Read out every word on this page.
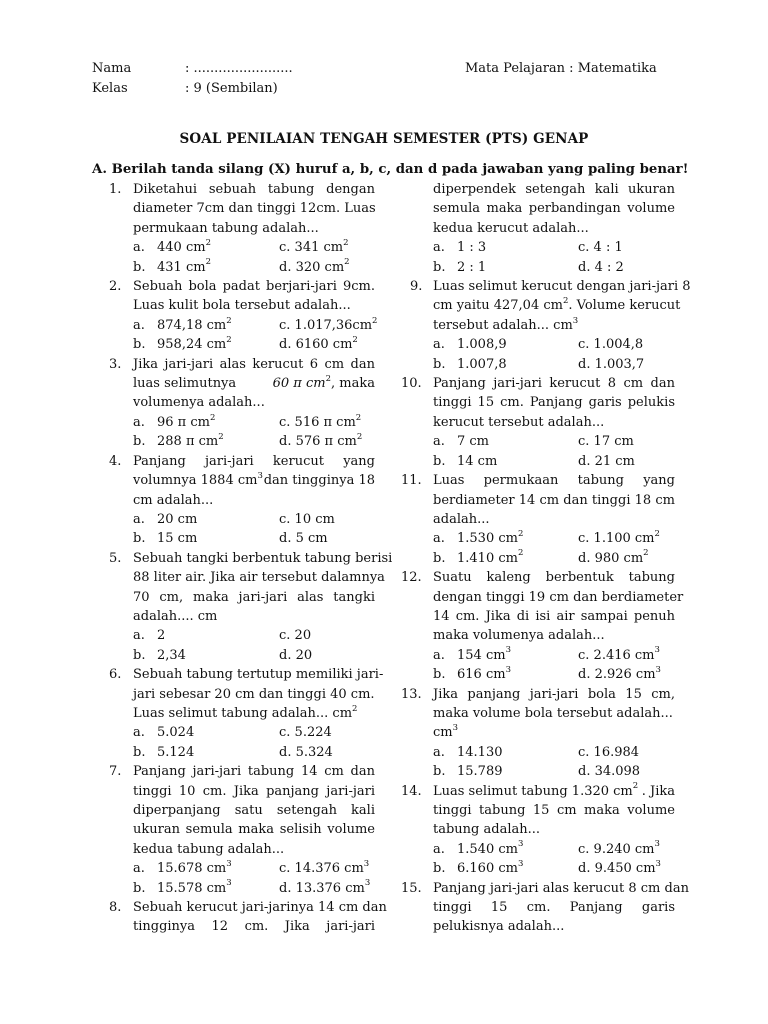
Nama	: ........................
Kelas	: 9 (Sembilan)
Mata Pelajaran : Matematika
SOAL PENILAIAN TENGAH SEMESTER (PTS) GENAP
A. Berilah tanda silang (X) huruf a, b, c, dan d pada jawaban yang paling benar!
1. Diketahui sebuah tabung dengan
diameter 7cm dan tinggi 12cm. Luas
permukaan tabung adalah...
a. 440 $cm^2$	c. 341 $cm^2$
b. 431 $cm^2$	d. 320 $cm^2$
2. Sebuah bola padat berjari-jari 9cm.
Luas kulit bola tersebut adalah...
a. 874,18 $cm^2$	c. $1.017,36cm^2$
b. 958,24 $cm^2$	d. 6160 $cm^2$
3. Jika jari-jari alas kerucut 6 cm dan
luas selimutnya	60 π $cm^2$, maka
volumenya adalah...
a. 96 π $cm^2$	c. 516 π $cm^2$
b. 288 π $cm^2$	d. 576 π $cm^2$
4. Panjang jari-jari kerucut yang
volumnya 1884 $cm^3$ dan tingginya 18
cm adalah...
a. 20 cm	c. 10 cm
b. 15 cm	d. 5 cm
5. Sebuah tangki berbentuk tabung berisi
88 liter air. Jika air tersebut dalamnya
70 cm, maka jari-jari alas tangki
adalah.... cm
a. 2	c. 20
b. 2,34	d. 20
6. Sebuah tabung tertutup memiliki jari-
jari sebesar 20 cm dan tinggi 40 cm.
Luas selimut tabung adalah... $cm^2$
a. 5.024	c. 5.224
b. 5.124	d. 5.324
7. Panjang jari-jari tabung 14 cm dan
tinggi 10 cm. Jika panjang jari-jari
diperpanjang satu setengah kali
ukuran semula maka selisih volume
kedua tabung adalah...
a. 15.678 $cm^3$	c. 14.376 $cm^3$
b. 15.578 $cm^3$	d. 13.376 $cm^3$
8. Sebuah kerucut jari-jarinya 14 cm dan
tingginya 12 cm. Jika jari-jari
diperpendek setengah kali ukuran
semula maka perbandingan volume
kedua kerucut adalah...
a. 1 : 3	c. 4 : 1
b. 2 : 1	d. 4 : 2
9. Luas selimut kerucut dengan jari-jari 8
cm yaitu 427,04 $cm^2$ . Volume kerucut
tersebut adalah... $cm^3$
a. 1.008,9	c. 1.004,8
b. 1.007,8	d. 1.003,7
10. Panjang jari-jari kerucut 8 cm dan
tinggi 15 cm. Panjang garis pelukis
kerucut tersebut adalah...
a. 7 cm	c. 17 cm
b. 14 cm	d. 21 cm
11. Luas permukaan tabung yang
berdiameter 14 cm dan tinggi 18 cm
adalah...
a. 1.530 $cm^2$	c. 1.100 $cm^2$
b. 1.410 $cm^2$	d. 980 $cm^2$
12. Suatu kaleng berbentuk tabung
dengan tinggi 19 cm dan berdiameter
14 cm. Jika di isi air sampai penuh
maka volumenya adalah...
a. 154 $cm^3$	c. 2.416 $cm^3$
b. 616 $cm^3$	d. 2.926 $cm^3$
13. Jika panjang jari-jari bola 15 cm,
maka volume bola tersebut adalah...
$cm^3$
a. 14.130	c. 16.984
b. 15.789	d. 34.098
14. Luas selimut tabung 1.320 $cm^2$ . Jika
tinggi tabung 15 cm maka volume
tabung adalah...
a. 1.540 $cm^3$	c. 9.240 $cm^3$
b. 6.160 $cm^3$	d. 9.450 $cm^3$
15. Panjang jari-jari alas kerucut 8 cm dan
tinggi 15 cm. Panjang garis
pelukisnya adalah...
